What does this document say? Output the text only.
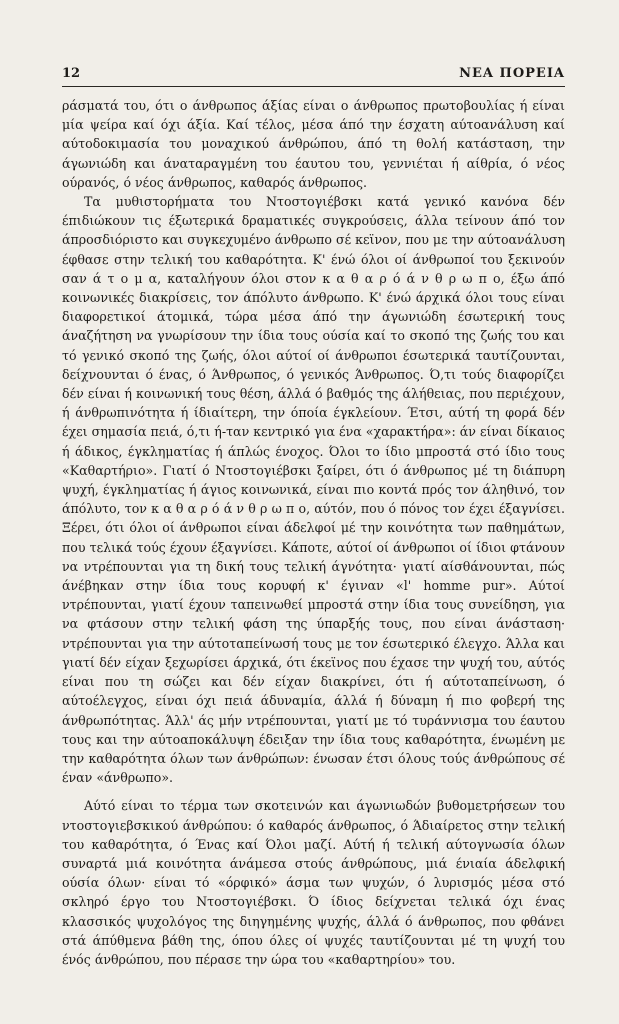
12	ΝΕΑ ΠΟΡΕΙΑ

ράσματά του, ότι ο άνθρωπος άξίας είναι ο άνθρωπος πρωτοβουλίας ή είναι μία ψείρα καί όχι άξία. Καί τέλος, μέσα άπό την έσχατη αύτοανάλυση καί αύτοδοκιμασία του μοναχικού άνθρώπου, άπό τη θολή κατάσταση, την άγωνιώδη και άναταραγμένη του έαυτου του, γεννιέται ή αίθρία, ό νέος ούρανός, ό νέος άνθρωπος, καθαρός άνθρωπος.

Τα μυθιστορήματα του Ντοστογιέβσκι κατά γενικό κανόνα δέν έπιδιώκουν τις έξωτερικά δραματικές συγκρούσεις, άλλα τείνουν άπό τον άπροσδιόριστο και συγκεχυμένο άνθρωπο σέ κεϊνον, που με την αύτοανάλυση έφθασε στην τελική του καθαρότητα. Κ' ένώ όλοι οί άνθρωποί του ξεκινούν σαν ά τ ο μ α, καταλήγουν όλοι στον κ α θ α ρ ό ά ν θ ρ ω π ο, έξω άπό κοινωνικές διακρίσεις, τον άπόλυτο άνθρωπο. Κ' ένώ άρχικά όλοι τους είναι διαφορετικοί άτομικά, τώρα μέσα άπό την άγωνιώδη έσωτερική τους άναζήτηση να γνωρίσουν την ίδια τους ούσία καί το σκοπό της ζωής του και τό γενικό σκοπό της ζωής, όλοι αύτοί οί άνθρωποι έσωτερικά ταυτίζουνται, δείχνουνται ό ένας, ό Άνθρωπος, ό γενικός Άνθρωπος. Ό,τι τούς διαφορίζει δέν είναι ή κοινωνική τους θέση, άλλά ό βαθμός της άλήθειας, που περιέχουν, ή άνθρωπινότητα ή ίδιαίτερη, την όποία έγκλείουν. Έτσι, αύτή τη φορά δέν έχει σημασία πειά, ό,τι ή-ταν κεντρικό για ένα «χαρακτήρα»: άν είναι δίκαιος ή άδικος, έγκληματίας ή άπλώς ένοχος. Όλοι το ίδιο μπροστά στό ίδιο τους «Καθαρτήριο». Γιατί ό Ντοστογιέβσκι ξαίρει, ότι ό άνθρωπος μέ τη διάπυρη ψυχή, έγκληματίας ή άγιος κοινωνικά, είναι πιο κοντά πρός τον άληθινό, τον άπόλυτο, τον κ α θ α ρ ό ά ν θ ρ ω π ο, αύτόν, που ό πόνος τον έχει έξαγνίσει. Ξέρει, ότι όλοι οί άνθρωποι είναι άδελφοί μέ την κοινότητα των παθημάτων, που τελικά τούς έχουν έξαγνίσει. Κάποτε, αύτοί οί άνθρωποι οί ίδιοι φτάνουν να ντρέπουνται για τη δική τους τελική άγνότητα· γιατί αίσθάνουνται, πώς άνέβηκαν στην ίδια τους κορυφή κ' έγιναν «l' homme pur». Αύτοί ντρέπουνται, γιατί έχουν ταπεινωθεί μπροστά στην ίδια τους συνείδηση, για να φτάσουν στην τελική φάση της ύπαρξής τους, που είναι άνάσταση· ντρέπουνται για την αύτοταπείνωσή τους με τον έσωτερικό έλεγχο. Άλλα και γιατί δέν είχαν ξεχωρίσει άρχικά, ότι έκεϊνος που έχασε την ψυχή του, αύτός είναι που τη σώζει και δέν είχαν διακρίνει, ότι ή αύτοταπείνωση, ό αύτοέλεγχος, είναι όχι πειά άδυναμία, άλλά ή δύναμη ή πιο φοβερή της άνθρωπότητας. Άλλ' άς μήν ντρέπουνται, γιατί με τό τυράννισμα του έαυτου τους και την αύτοαποκάλυψη έδειξαν την ίδια τους καθαρότητα, ένωμένη με την καθαρότητα όλων των άνθρώπων: ένωσαν έτσι όλους τούς άνθρώπους σέ έναν «άνθρωπο».

Αύτό είναι το τέρμα των σκοτεινών και άγωνιωδών βυθομετρήσεων του ντοστογιεβσκικού άνθρώπου: ό καθαρός άνθρωπος, ό Άδιαίρετος στην τελική του καθαρότητα, ό Ένας καί Όλοι μαζί. Αύτή ή τελική αύτογνωσία όλων συναρτά μιά κοινότητα άνάμεσα στούς άνθρώπους, μιά ένιαία άδελφική ούσία όλων· είναι τό «όρφικό» άσμα των ψυχών, ό λυρισμός μέσα στό σκληρό έργο του Ντοστογιέβσκι. Ό ίδιος δείχνεται τελικά όχι ένας κλασσικός ψυχολόγος της διηγημένης ψυχής, άλλά ό άνθρωπος, που φθάνει στά άπύθμενα βάθη της, όπου όλες οί ψυχές ταυτίζουνται μέ τη ψυχή του ένός άνθρώπου, που πέρασε την ώρα του «καθαρτηρίου» του.
